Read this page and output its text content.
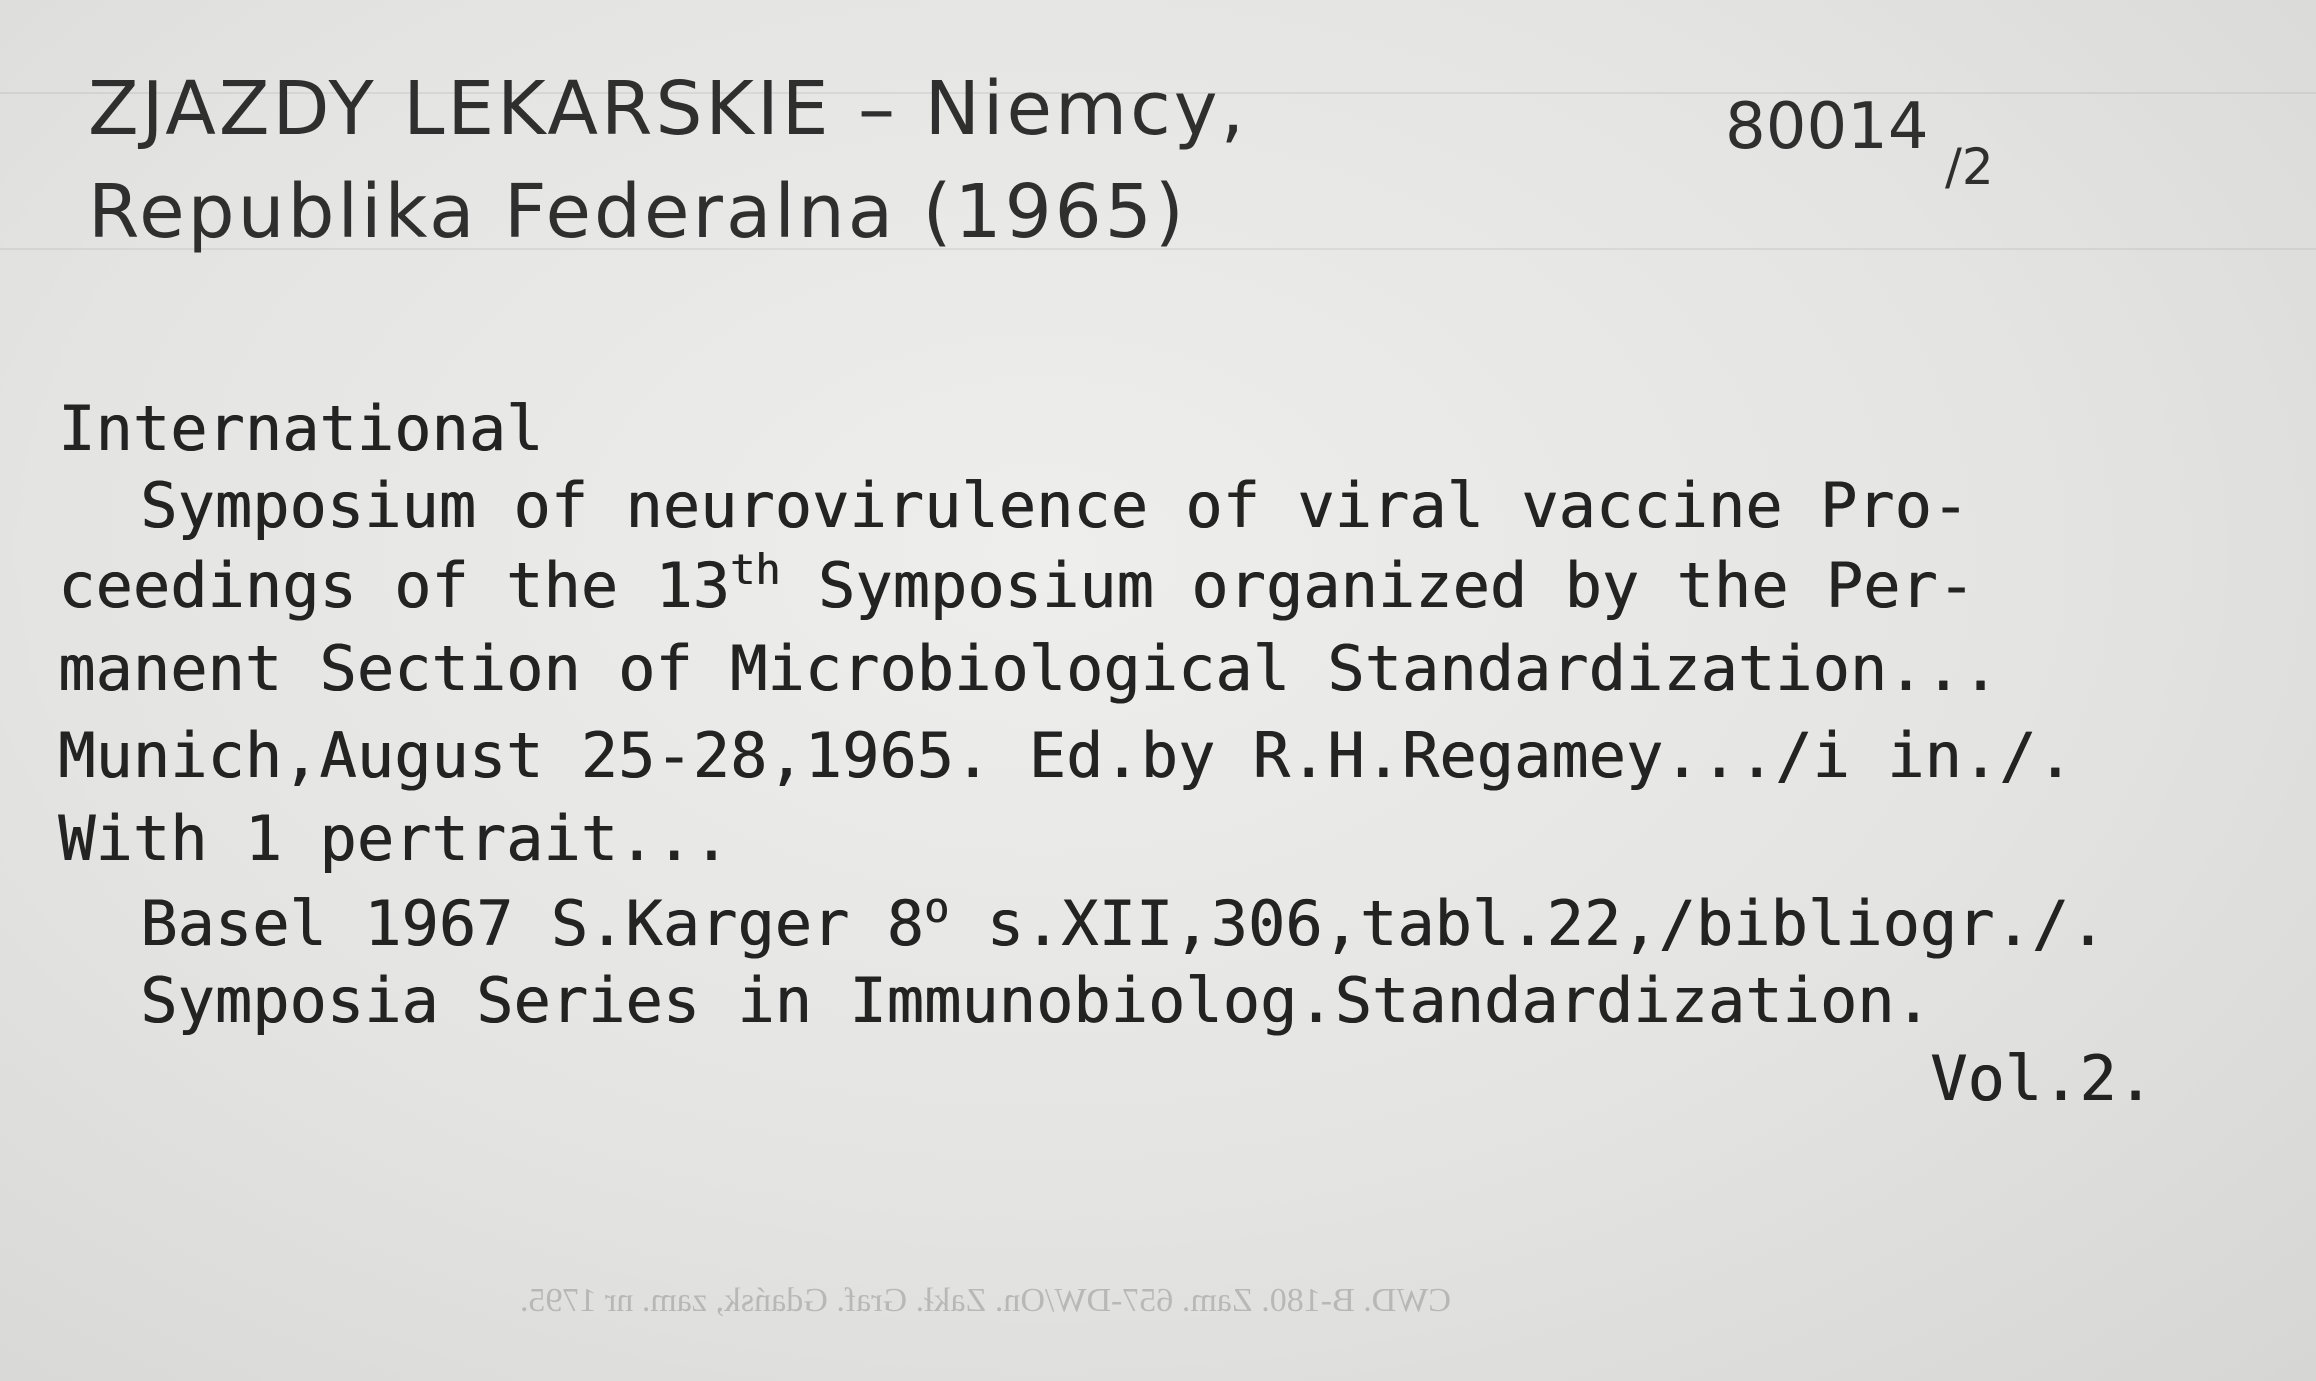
ZJAZDY LEKARSKIE – Niemcy,
Republika Federalna (1965)
80014
/2
International
Symposium of neurovirulence of viral vaccine Pro-
ceedings of the 13th Symposium organized by the Per-
manent Section of Microbiological Standardization...
Munich,August 25-28,1965. Ed.by R.H.Regamey.../i in./.
With 1 pertrait...
Basel 1967 S.Karger 8$^o$ s.XII,306,tabl.22,/bibliogr./.
Symposia Series in Immunobiolog.Standardization.
Vol.2.
CWD. B-180. Zam. 657-DW/On. Zakł. Graf. Gdańsk, zam. nr 1795.
